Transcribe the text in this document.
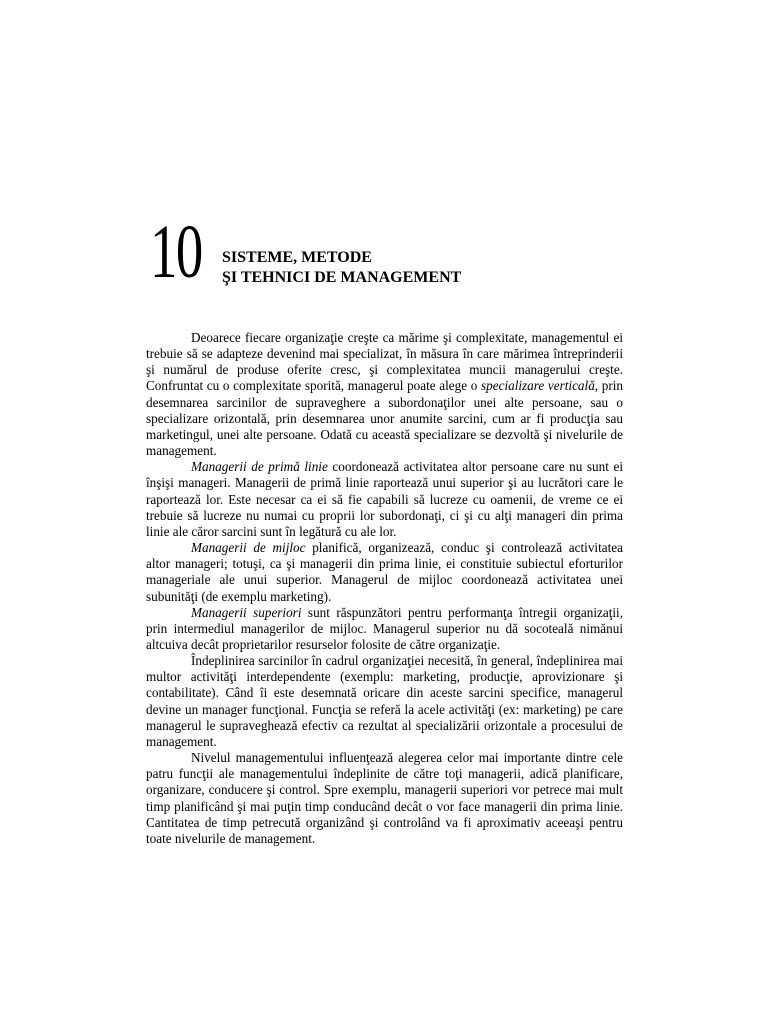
10 SISTEME, METODE
ŞI TEHNICI DE MANAGEMENT

Deoarece fiecare organizaţie creşte ca mărime şi complexitate, managementul ei trebuie să se adapteze devenind mai specializat, în măsura în care mărimea întreprinderii şi numărul de produse oferite cresc, şi complexitatea muncii managerului creşte. Confruntat cu o complexitate sporită, managerul poate alege o specializare verticală, prin desemnarea sarcinilor de supraveghere a subordonaţilor unei alte persoane, sau o specializare orizontală, prin desemnarea unor anumite sarcini, cum ar fi producţia sau marketingul, unei alte persoane. Odată cu această specializare se dezvoltă şi nivelurile de management.

Managerii de primă linie coordonează activitatea altor persoane care nu sunt ei înşişi manageri. Managerii de primă linie raportează unui superior şi au lucrători care le raportează lor. Este necesar ca ei să fie capabili să lucreze cu oamenii, de vreme ce ei trebuie să lucreze nu numai cu proprii lor subordonaţi, ci şi cu alţi manageri din prima linie ale căror sarcini sunt în legătură cu ale lor.

Managerii de mijloc planifică, organizează, conduc şi controlează activitatea altor manageri; totuşi, ca şi managerii din prima linie, ei constituie subiectul eforturilor manageriale ale unui superior. Managerul de mijloc coordonează activitatea unei subunităţi (de exemplu marketing).

Managerii superiori sunt răspunzători pentru performanţa întregii organizaţii, prin intermediul managerilor de mijloc. Managerul superior nu dă socoteală nimănui altcuiva decât proprietarilor resurselor folosite de către organizaţie.

Îndeplinirea sarcinilor în cadrul organizaţiei necesită, în general, îndeplinirea mai multor activităţi interdependente (exemplu: marketing, producţie, aprovizionare şi contabilitate). Când îi este desemnată oricare din aceste sarcini specifice, managerul devine un manager funcţional. Funcţia se referă la acele activităţi (ex: marketing) pe care managerul le supraveghează efectiv ca rezultat al specializării orizontale a procesului de management.

Nivelul managementului influenţează alegerea celor mai importante dintre cele patru funcţii ale managementului îndeplinite de către toţi managerii, adică planificare, organizare, conducere şi control. Spre exemplu, managerii superiori vor petrece mai mult timp planificând şi mai puţin timp conducând decât o vor face managerii din prima linie. Cantitatea de timp petrecută organizând şi controlând va fi aproximativ aceeaşi pentru toate nivelurile de management.
